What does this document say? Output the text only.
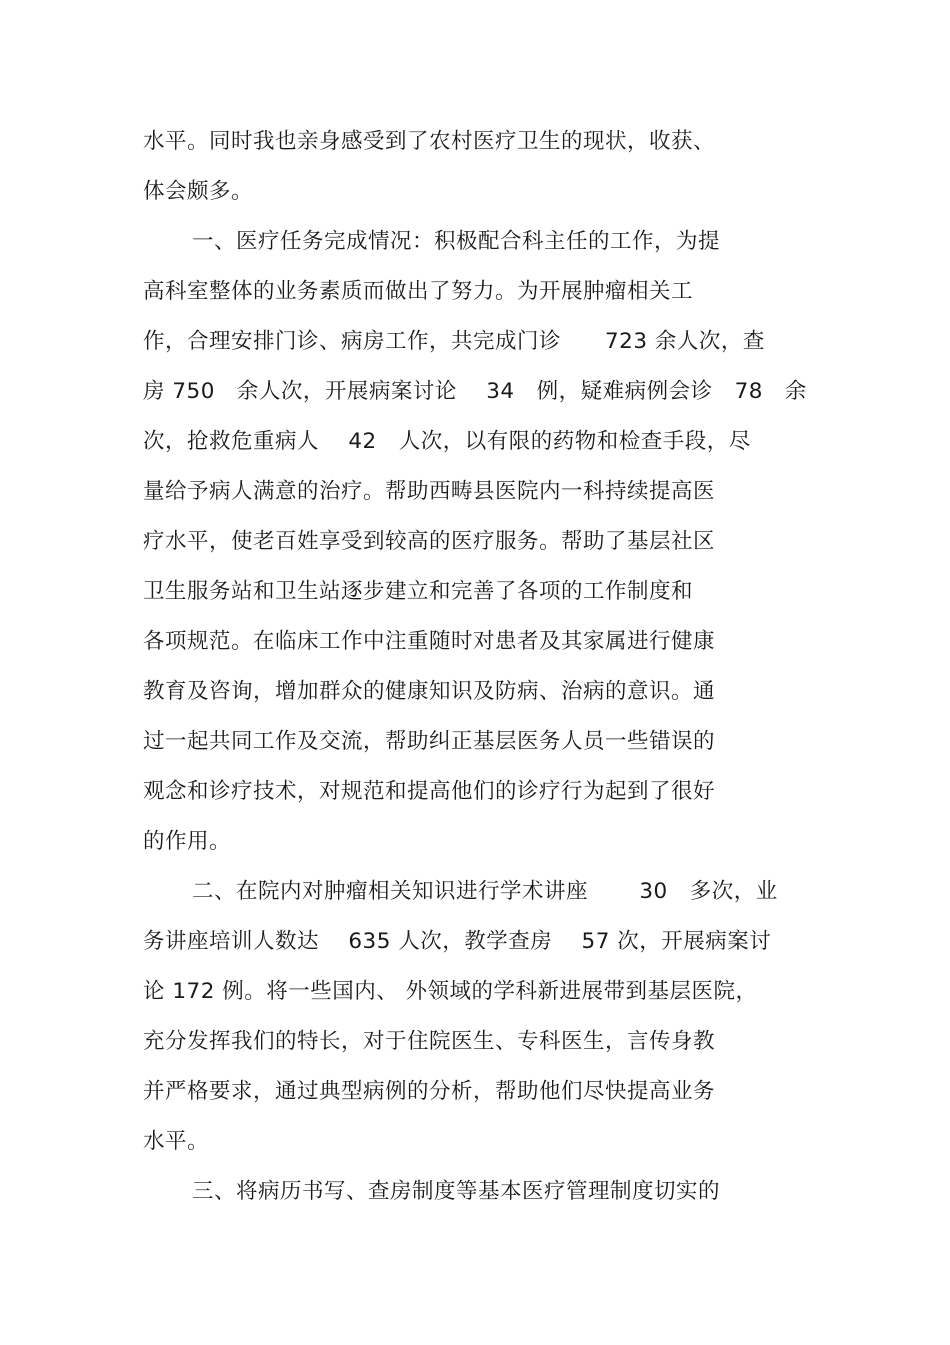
水平。同时我也亲身感受到了农村医疗卫生的现状，收获、
体会颇多。
一、医疗任务完成情况：积极配合科主任的工作，为提
高科室整体的业务素质而做出了努力。为开展肿瘤相关工
作，合理安排门诊、病房工作，共完成门诊　　723 余人次，查
房 750　余人次，开展病案讨论　 34　例，疑难病例会诊　78　余
次，抢救危重病人　 42　人次，以有限的药物和检查手段，尽
量给予病人满意的治疗。帮助西畴县医院内一科持续提高医
疗水平，使老百姓享受到较高的医疗服务。帮助了基层社区
卫生服务站和卫生站逐步建立和完善了各项的工作制度和
各项规范。在临床工作中注重随时对患者及其家属进行健康
教育及咨询，增加群众的健康知识及防病、治病的意识。通
过一起共同工作及交流，帮助纠正基层医务人员一些错误的
观念和诊疗技术，对规范和提高他们的诊疗行为起到了很好
的作用。
二、在院内对肿瘤相关知识进行学术讲座　　 30　多次，业
务讲座培训人数达　 635 人次，教学查房　 57 次，开展病案讨
论 172 例。将一些国内、 外领域的学科新进展带到基层医院，
充分发挥我们的特长，对于住院医生、专科医生，言传身教
并严格要求，通过典型病例的分析，帮助他们尽快提高业务
水平。
三、将病历书写、查房制度等基本医疗管理制度切实的
